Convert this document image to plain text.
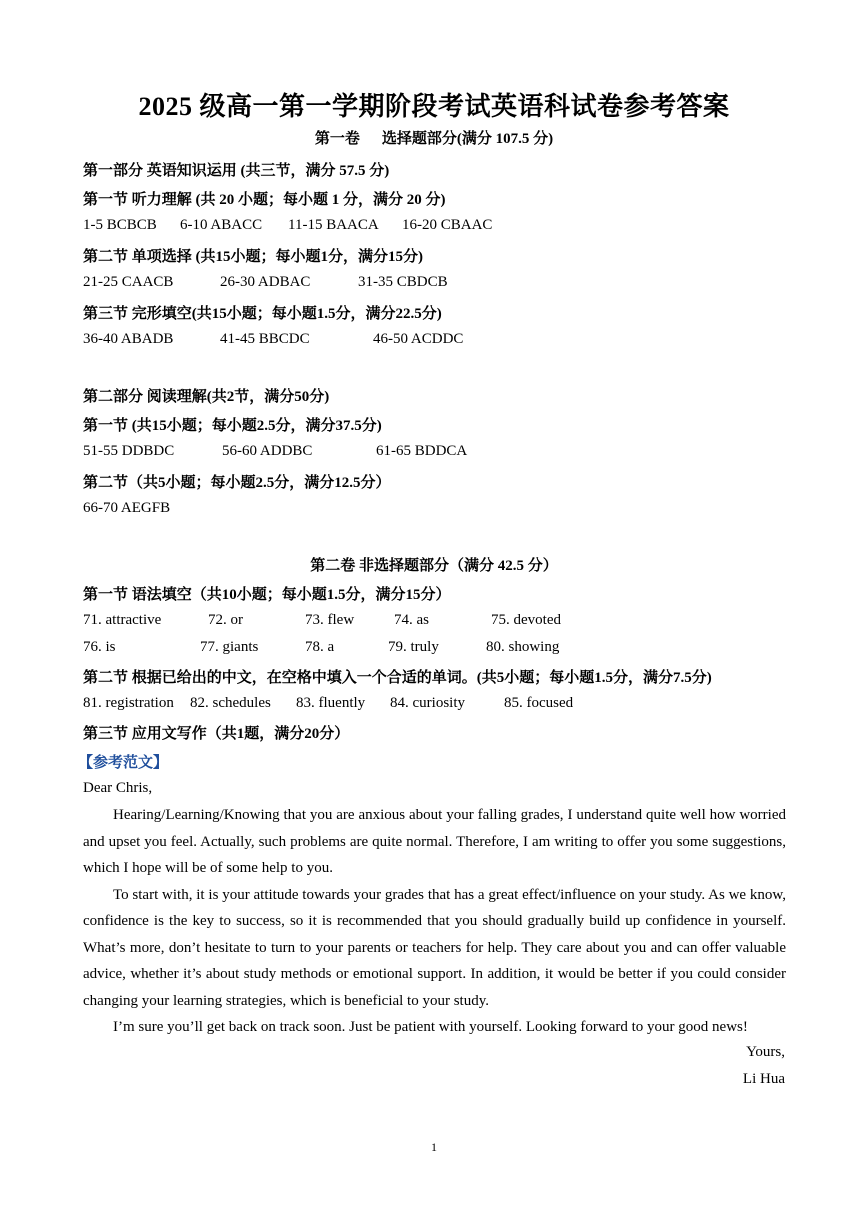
2025 级高一第一学期阶段考试英语科试卷参考答案
第一卷 选择题部分(满分 107.5 分)
第一部分 英语知识运用 (共三节，满分 57.5 分)
第一节 听力理解 (共 20 小题；每小题 1 分，满分 20 分)
1-5 BCBCB 6-10 ABACC 11-15 BAACA 16-20 CBAAC
第二节 单项选择 (共15小题；每小题1分，满分15分)
21-25 CAACB	26-30 ADBAC	31-35 CBDCB
第三节 完形填空(共15小题；每小题1.5分，满分22.5分)
36-40 ABADB	41-45 BBCDC	46-50 ACDDC
第二部分 阅读理解(共2节，满分50分)
第一节 (共15小题；每小题2.5分，满分37.5分)
51-55 DDBDC	56-60 ADDBC	61-65 BDDCA
第二节（共5小题；每小题2.5分，满分12.5分）
66-70 AEGFB
第二卷 非选择题部分（满分 42.5 分）
第一节 语法填空（共10小题；每小题1.5分，满分15分）
71. attractive	72. or	73. flew	74. as	75. devoted
76. is	77. giants	78. a	79. truly	80. showing
第二节 根据已给出的中文，在空格中填入一个合适的单词。(共5小题；每小题1.5分，满分7.5分)
81. registration 82. schedules 83. fluently 84. curiosity	85. focused
第三节 应用文写作（共1题，满分20分）
【参考范文】
Dear Chris,

Hearing/Learning/Knowing that you are anxious about your falling grades, I understand quite well how worried and upset you feel. Actually, such problems are quite normal. Therefore, I am writing to offer you some suggestions, which I hope will be of some help to you.

To start with, it is your attitude towards your grades that has a great effect/influence on your study. As we know, confidence is the key to success, so it is recommended that you should gradually build up confidence in yourself. What’s more, don’t hesitate to turn to your parents or teachers for help. They care about you and can offer valuable advice, whether it’s about study methods or emotional support. In addition, it would be better if you could consider changing your learning strategies, which is beneficial to your study.

I’m sure you’ll get back on track soon. Just be patient with yourself. Looking forward to your good news!

Yours,
Li Hua
1
